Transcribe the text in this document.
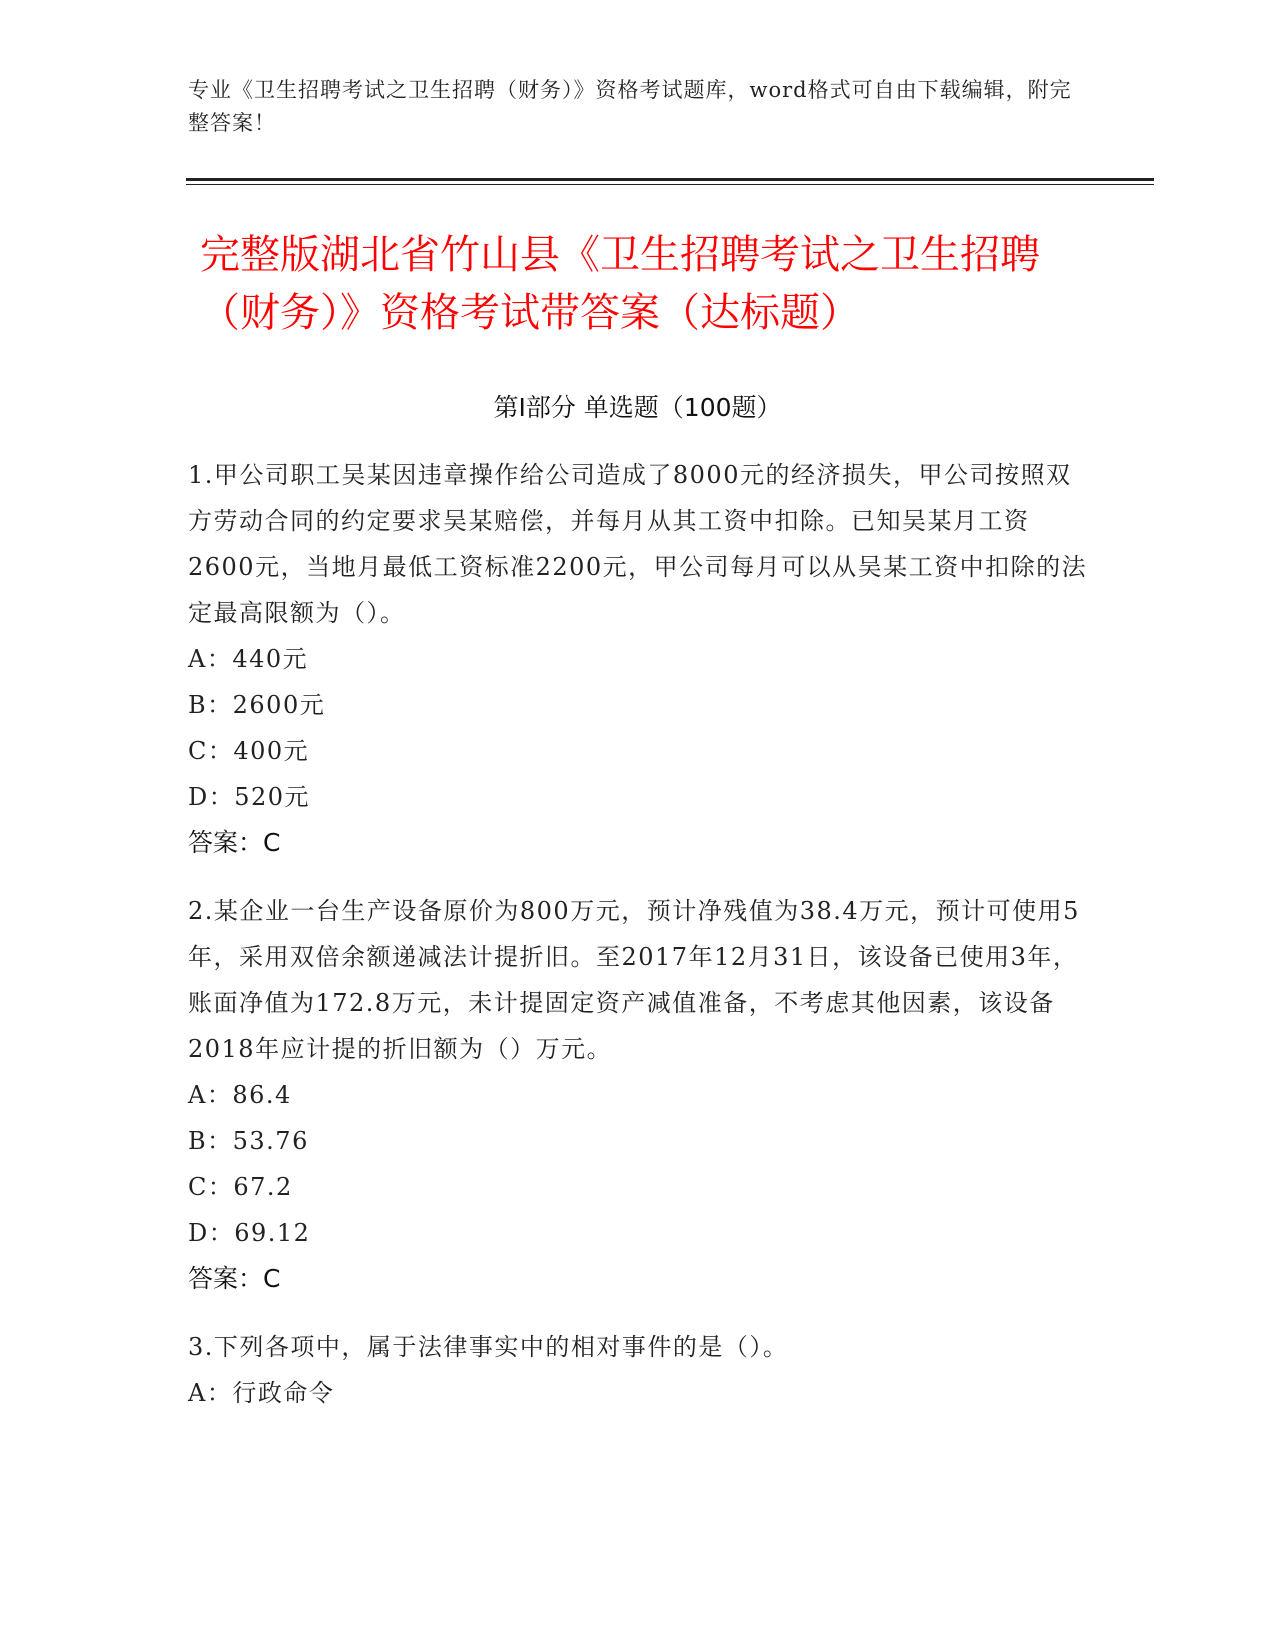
专业《卫生招聘考试之卫生招聘（财务）》资格考试题库，word格式可自由下载编辑，附完整答案！
完整版湖北省竹山县《卫生招聘考试之卫生招聘（财务）》资格考试带答案（达标题）
第Ⅰ部分 单选题（100题）
1.甲公司职工吴某因违章操作给公司造成了8000元的经济损失，甲公司按照双方劳动合同的约定要求吴某赔偿，并每月从其工资中扣除。已知吴某月工资2600元，当地月最低工资标准2200元，甲公司每月可以从吴某工资中扣除的法定最高限额为（）。
A：440元
B：2600元
C：400元
D：520元
答案：C
2.某企业一台生产设备原价为800万元，预计净残值为38.4万元，预计可使用5年，采用双倍余额递减法计提折旧。至2017年12月31日，该设备已使用3年，账面净值为172.8万元，未计提固定资产减值准备，不考虑其他因素，该设备2018年应计提的折旧额为（）万元。
A：86.4
B：53.76
C：67.2
D：69.12
答案：C
3.下列各项中，属于法律事实中的相对事件的是（）。
A：行政命令
